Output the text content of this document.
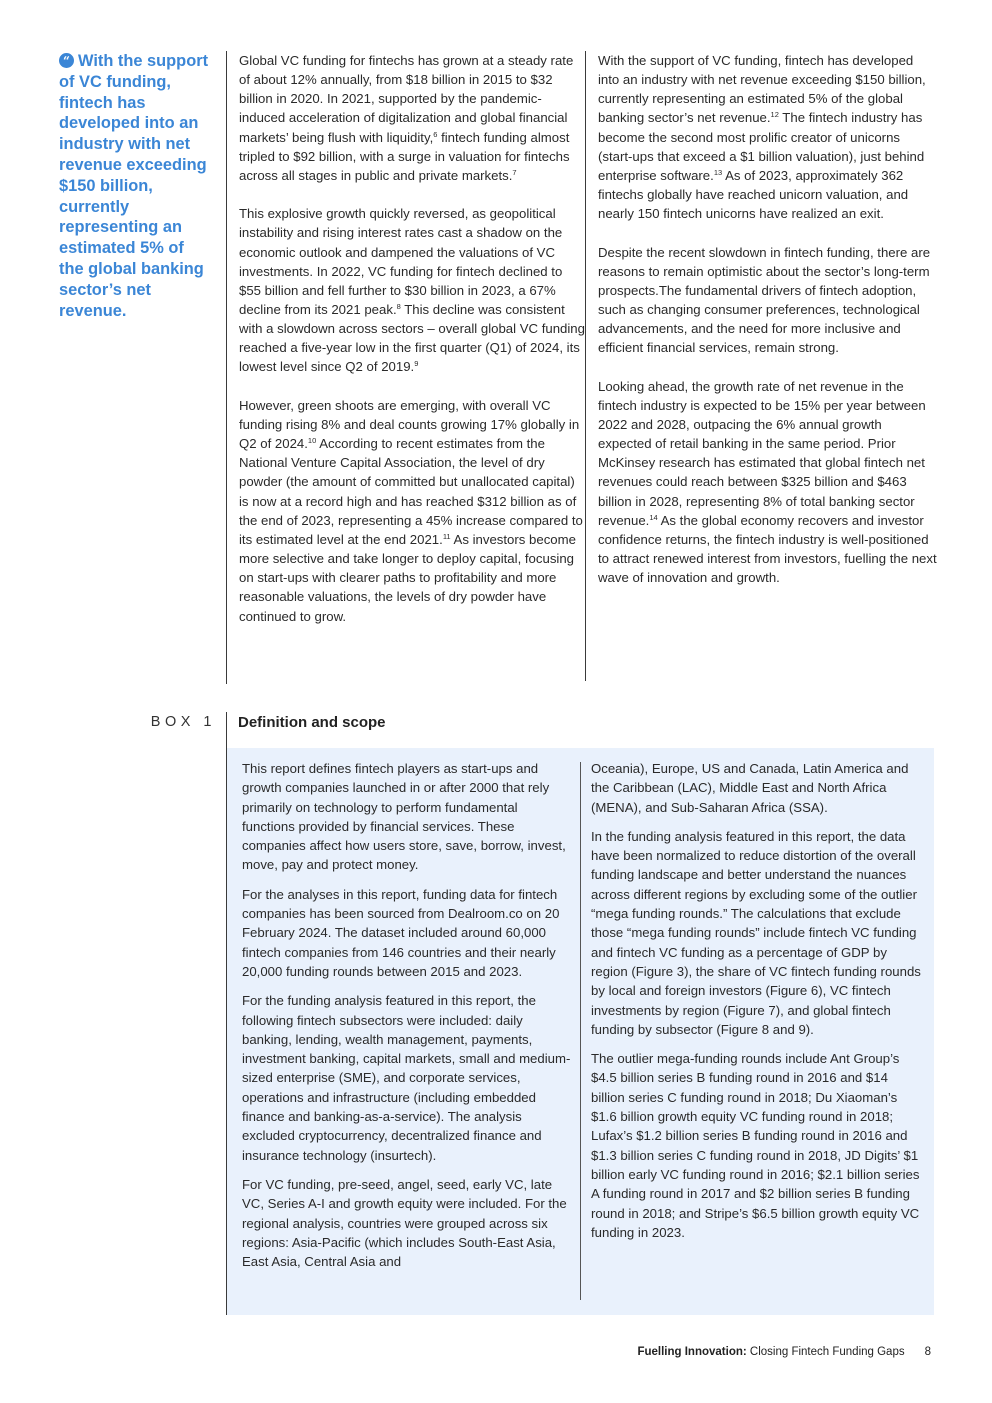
“ With the support of VC funding, fintech has developed into an industry with net revenue exceeding $150 billion, currently representing an estimated 5% of the global banking sector’s net revenue.

Global VC funding for fintechs has grown at a steady rate of about 12% annually, from $18 billion in 2015 to $32 billion in 2020. In 2021, supported by the pandemic-induced acceleration of digitalization and global financial markets’ being flush with liquidity,$^6$ fintech funding almost tripled to $92 billion, with a surge in valuation for fintechs across all stages in public and private markets.$^7$

This explosive growth quickly reversed, as geopolitical instability and rising interest rates cast a shadow on the economic outlook and dampened the valuations of VC investments. In 2022, VC funding for fintech declined to $55 billion and fell further to $30 billion in 2023, a 67% decline from its 2021 peak.$^8$ This decline was consistent with a slowdown across sectors – overall global VC funding reached a five-year low in the first quarter (Q1) of 2024, its lowest level since Q2 of 2019.$^9$

However, green shoots are emerging, with overall VC funding rising 8% and deal counts growing 17% globally in Q2 of 2024.10 According to recent estimates from the National Venture Capital Association, the level of dry powder (the amount of committed but unallocated capital) is now at a record high and has reached $312 billion as of the end of 2023, representing a 45% increase compared to its estimated level at the end 2021.11 As investors become more selective and take longer to deploy capital, focusing on start-ups with clearer paths to profitability and more reasonable valuations, the levels of dry powder have continued to grow.

With the support of VC funding, fintech has developed into an industry with net revenue exceeding $150 billion, currently representing an estimated 5% of the global banking sector’s net revenue.$^{12}$ The fintech industry has become the second most prolific creator of unicorns (start-ups that exceed a $1 billion valuation), just behind enterprise software.$^{13}$ As of 2023, approximately 362 fintechs globally have reached unicorn valuation, and nearly 150 fintech unicorns have realized an exit.

Despite the recent slowdown in fintech funding, there are reasons to remain optimistic about the sector’s long-term prospects.The fundamental drivers of fintech adoption, such as changing consumer preferences, technological advancements, and the need for more inclusive and efficient financial services, remain strong.

Looking ahead, the growth rate of net revenue in the fintech industry is expected to be 15% per year between 2022 and 2028, outpacing the 6% annual growth expected of retail banking in the same period. Prior McKinsey research has estimated that global fintech net revenues could reach between $325 billion and $463 billion in 2028, representing 8% of total banking sector revenue.$^{14}$ As the global economy recovers and investor confidence returns, the fintech industry is well-positioned to attract renewed interest from investors, fuelling the next wave of innovation and growth.

BOX 1 Definition and scope

This report defines fintech players as start-ups and growth companies launched in or after 2000 that rely primarily on technology to perform fundamental functions provided by financial services. These companies affect how users store, save, borrow, invest, move, pay and protect money.

For the analyses in this report, funding data for fintech companies has been sourced from Dealroom.co on 20 February 2024. The dataset included around 60,000 fintech companies from 146 countries and their nearly 20,000 funding rounds between 2015 and 2023.

For the funding analysis featured in this report, the following fintech subsectors were included: daily banking, lending, wealth management, payments, investment banking, capital markets, small and medium-sized enterprise (SME), and corporate services, operations and infrastructure (including embedded finance and banking-as-a-service). The analysis excluded cryptocurrency, decentralized finance and insurance technology (insurtech).

For VC funding, pre-seed, angel, seed, early VC, late VC, Series A-I and growth equity were included. For the regional analysis, countries were grouped across six regions: Asia-Pacific (which includes South-East Asia, East Asia, Central Asia and

Oceania), Europe, US and Canada, Latin America and the Caribbean (LAC), Middle East and North Africa (MENA), and Sub-Saharan Africa (SSA).

In the funding analysis featured in this report, the data have been normalized to reduce distortion of the overall funding landscape and better understand the nuances across different regions by excluding some of the outlier “mega funding rounds.” The calculations that exclude those “mega funding rounds” include fintech VC funding and fintech VC funding as a percentage of GDP by region (Figure 3), the share of VC fintech funding rounds by local and foreign investors (Figure 6), VC fintech investments by region (Figure 7), and global fintech funding by subsector (Figure 8 and 9).

The outlier mega-funding rounds include Ant Group’s $4.5 billion series B funding round in 2016 and $14 billion series C funding round in 2018; Du Xiaoman’s $1.6 billion growth equity VC funding round in 2018; Lufax’s $1.2 billion series B funding round in 2016 and $1.3 billion series C funding round in 2018, JD Digits’ $1 billion early VC funding round in 2016; $2.1 billion series A funding round in 2017 and $2 billion series B funding round in 2018; and Stripe’s $6.5 billion growth equity VC funding in 2023.

Fuelling Innovation: Closing Fintech Funding Gaps 8
